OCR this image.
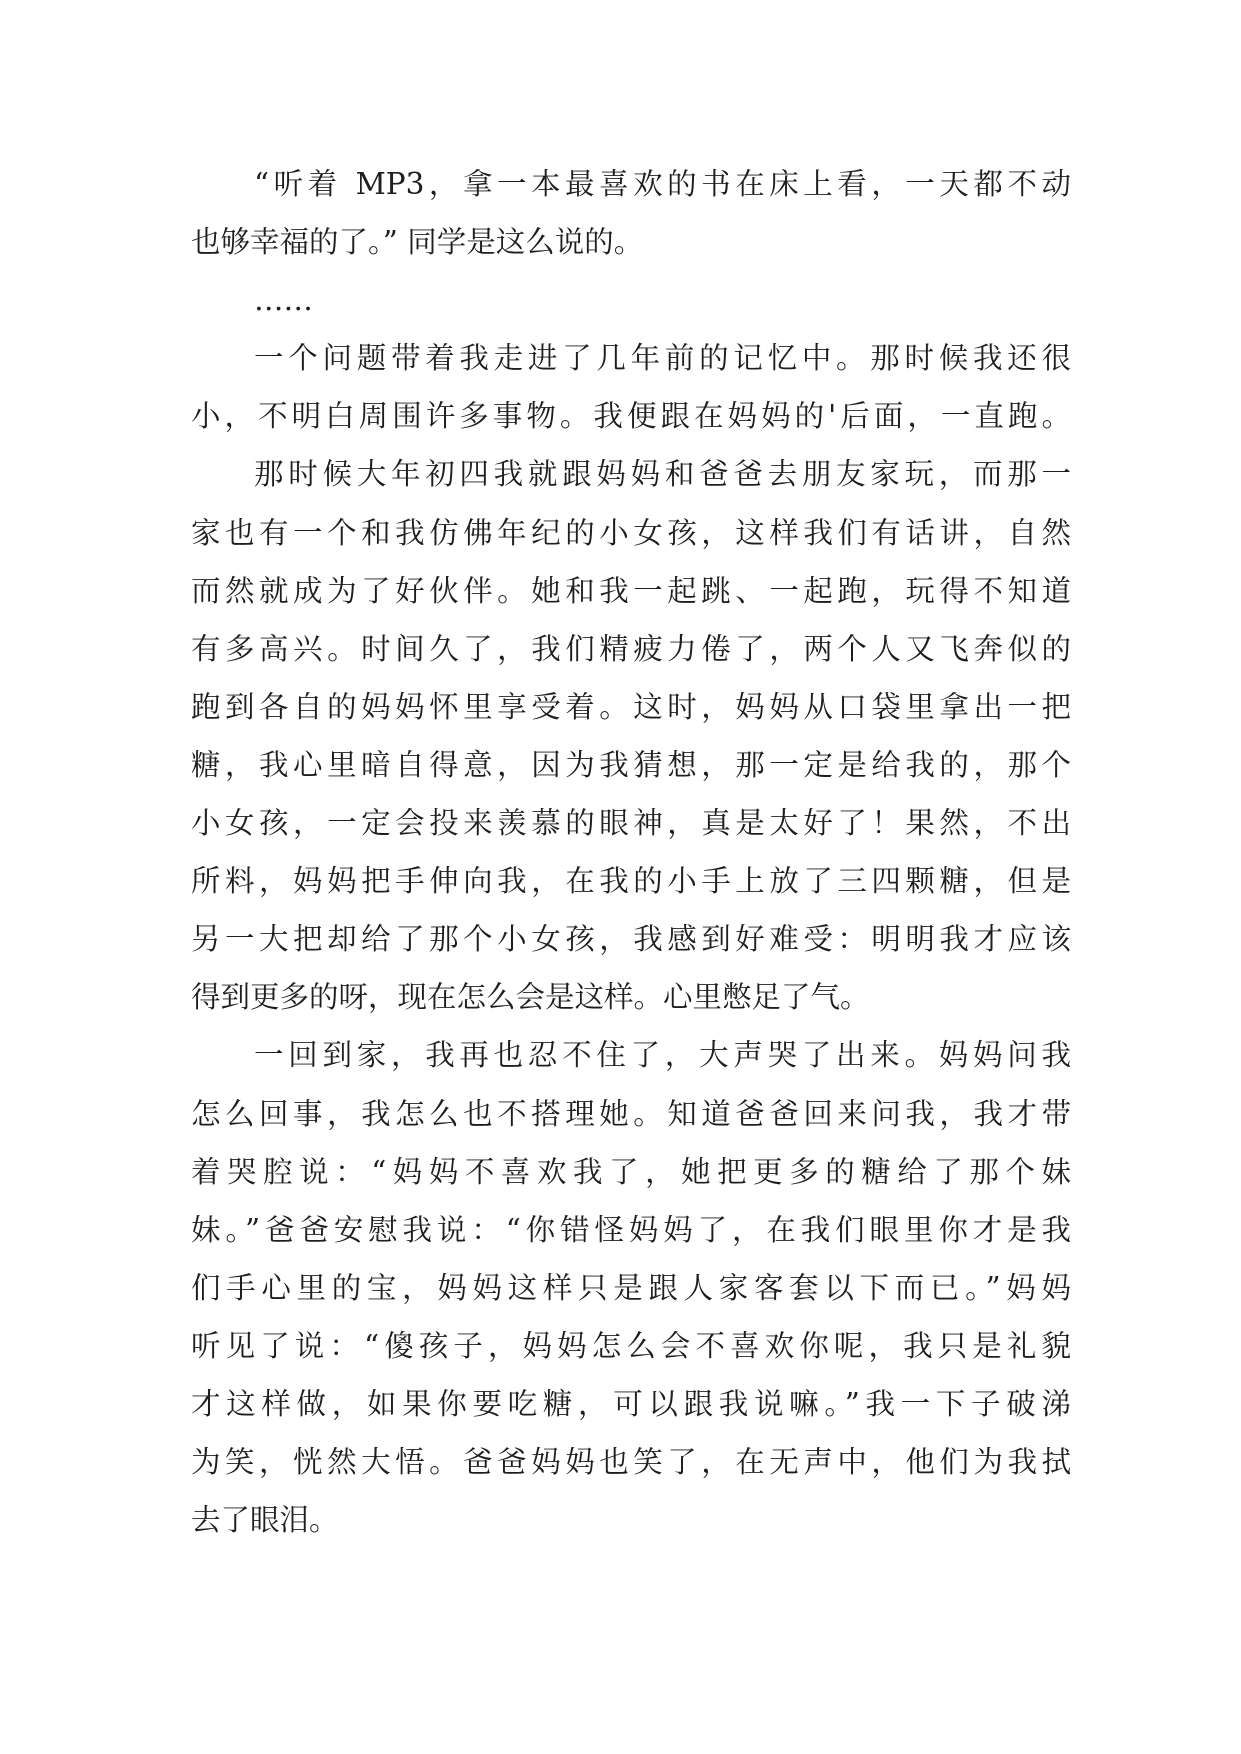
“听着 MP3，拿一本最喜欢的书在床上看，一天都不动
也够幸福的了。” 同学是这么说的。
……
一个问题带着我走进了几年前的记忆中。那时候我还很
小，不明白周围许多事物。我便跟在妈妈的'后面，一直跑。
那时候大年初四我就跟妈妈和爸爸去朋友家玩，而那一
家也有一个和我仿佛年纪的小女孩，这样我们有话讲，自然
而然就成为了好伙伴。她和我一起跳、一起跑，玩得不知道
有多高兴。时间久了，我们精疲力倦了，两个人又飞奔似的
跑到各自的妈妈怀里享受着。这时，妈妈从口袋里拿出一把
糖，我心里暗自得意，因为我猜想，那一定是给我的，那个
小女孩，一定会投来羡慕的眼神，真是太好了！果然，不出
所料，妈妈把手伸向我，在我的小手上放了三四颗糖，但是
另一大把却给了那个小女孩，我感到好难受：明明我才应该
得到更多的呀，现在怎么会是这样。心里憋足了气。
一回到家，我再也忍不住了，大声哭了出来。妈妈问我
怎么回事，我怎么也不搭理她。知道爸爸回来问我，我才带
着哭腔说：“妈妈不喜欢我了，她把更多的糖给了那个妹
妹。”爸爸安慰我说：“你错怪妈妈了，在我们眼里你才是我
们手心里的宝，妈妈这样只是跟人家客套以下而已。”妈妈
听见了说：“傻孩子，妈妈怎么会不喜欢你呢，我只是礼貌
才这样做，如果你要吃糖，可以跟我说嘛。”我一下子破涕
为笑，恍然大悟。爸爸妈妈也笑了，在无声中，他们为我拭
去了眼泪。
